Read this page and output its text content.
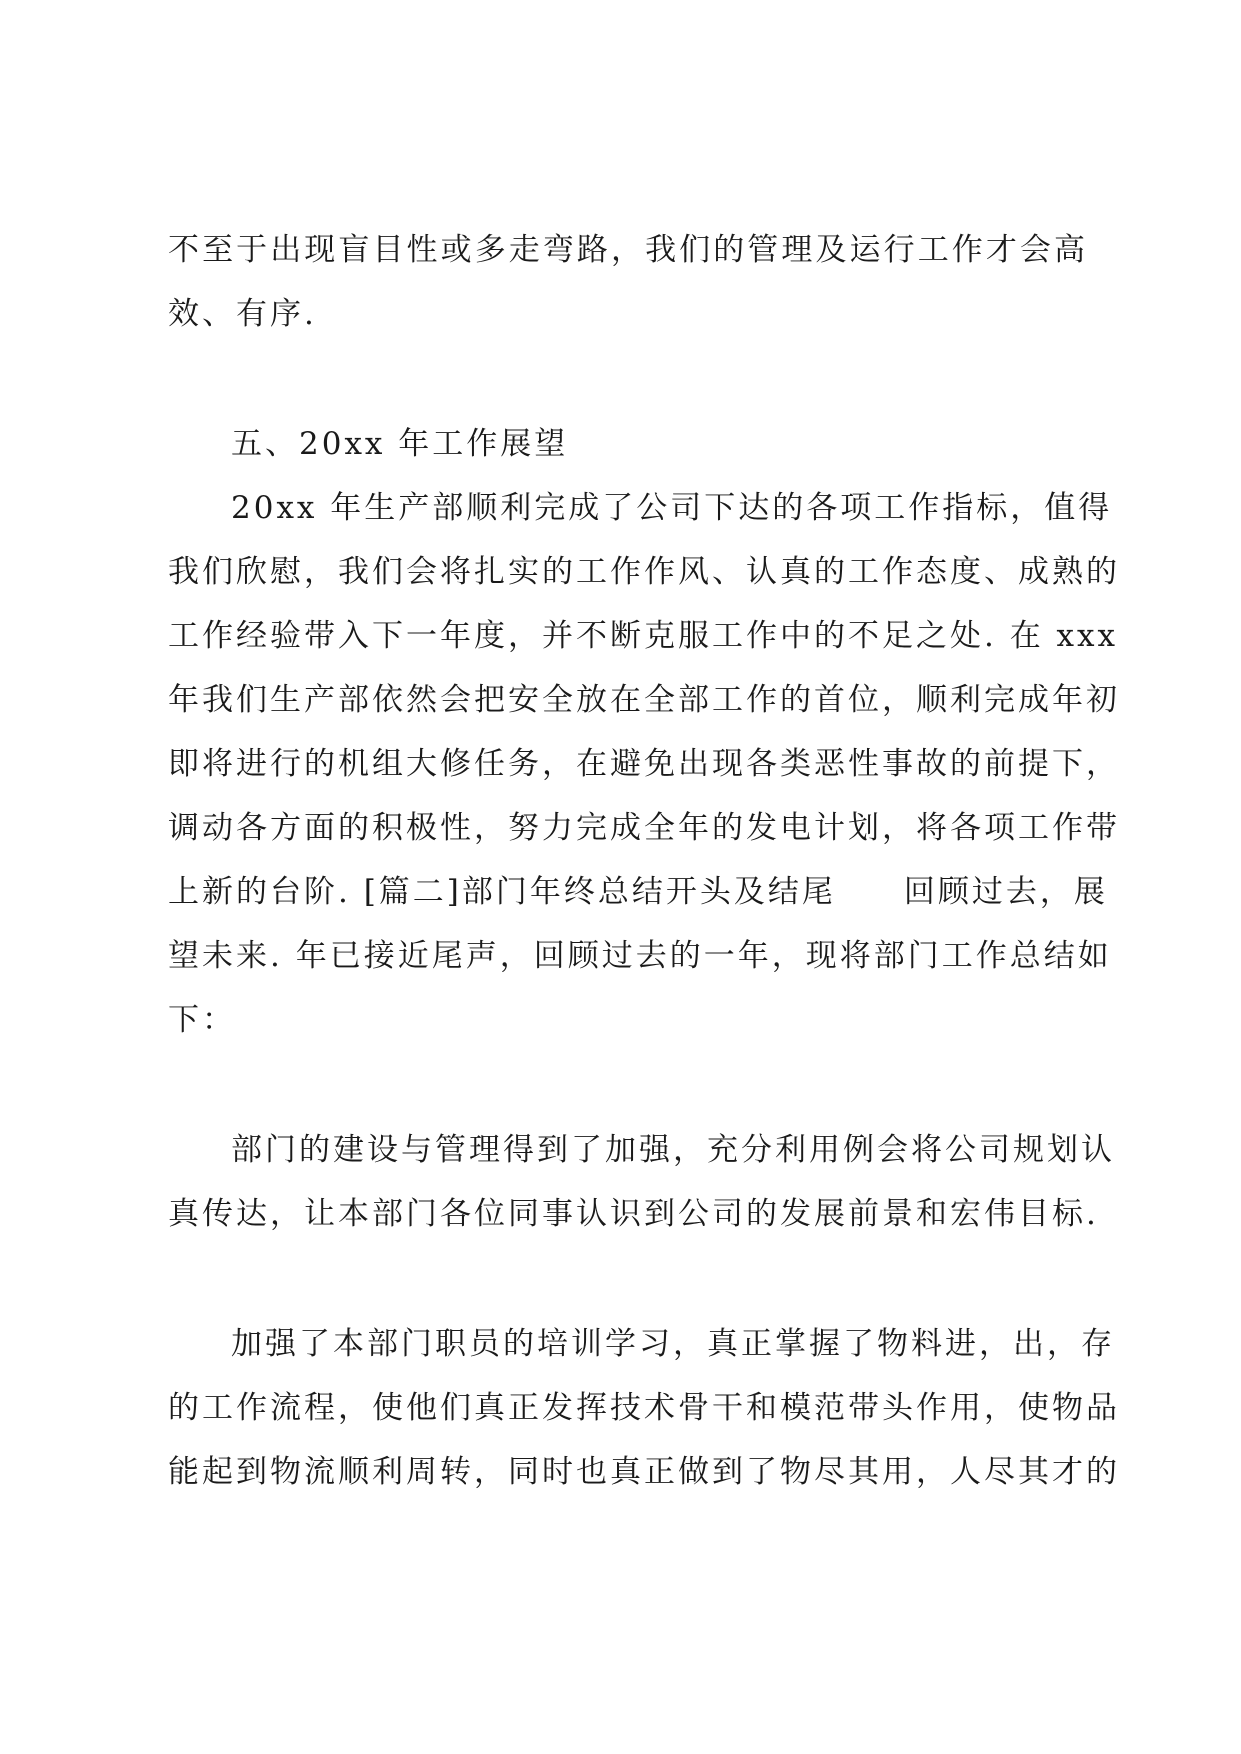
不至于出现盲目性或多走弯路，我们的管理及运行工作才会高
效、有序.
五、20xx 年工作展望
20xx 年生产部顺利完成了公司下达的各项工作指标，值得
我们欣慰，我们会将扎实的工作作风、认真的工作态度、成熟的
工作经验带入下一年度，并不断克服工作中的不足之处. 在 xxx
年我们生产部依然会把安全放在全部工作的首位，顺利完成年初
即将进行的机组大修任务，在避免出现各类恶性事故的前提下，
调动各方面的积极性，努力完成全年的发电计划，将各项工作带
上新的台阶. [篇二]部门年终总结开头及结尾　　回顾过去，展
望未来. 年已接近尾声，回顾过去的一年，现将部门工作总结如
下：
部门的建设与管理得到了加强，充分利用例会将公司规划认
真传达，让本部门各位同事认识到公司的发展前景和宏伟目标.
加强了本部门职员的培训学习，真正掌握了物料进，出，存
的工作流程，使他们真正发挥技术骨干和模范带头作用，使物品
能起到物流顺利周转，同时也真正做到了物尽其用，人尽其才的
